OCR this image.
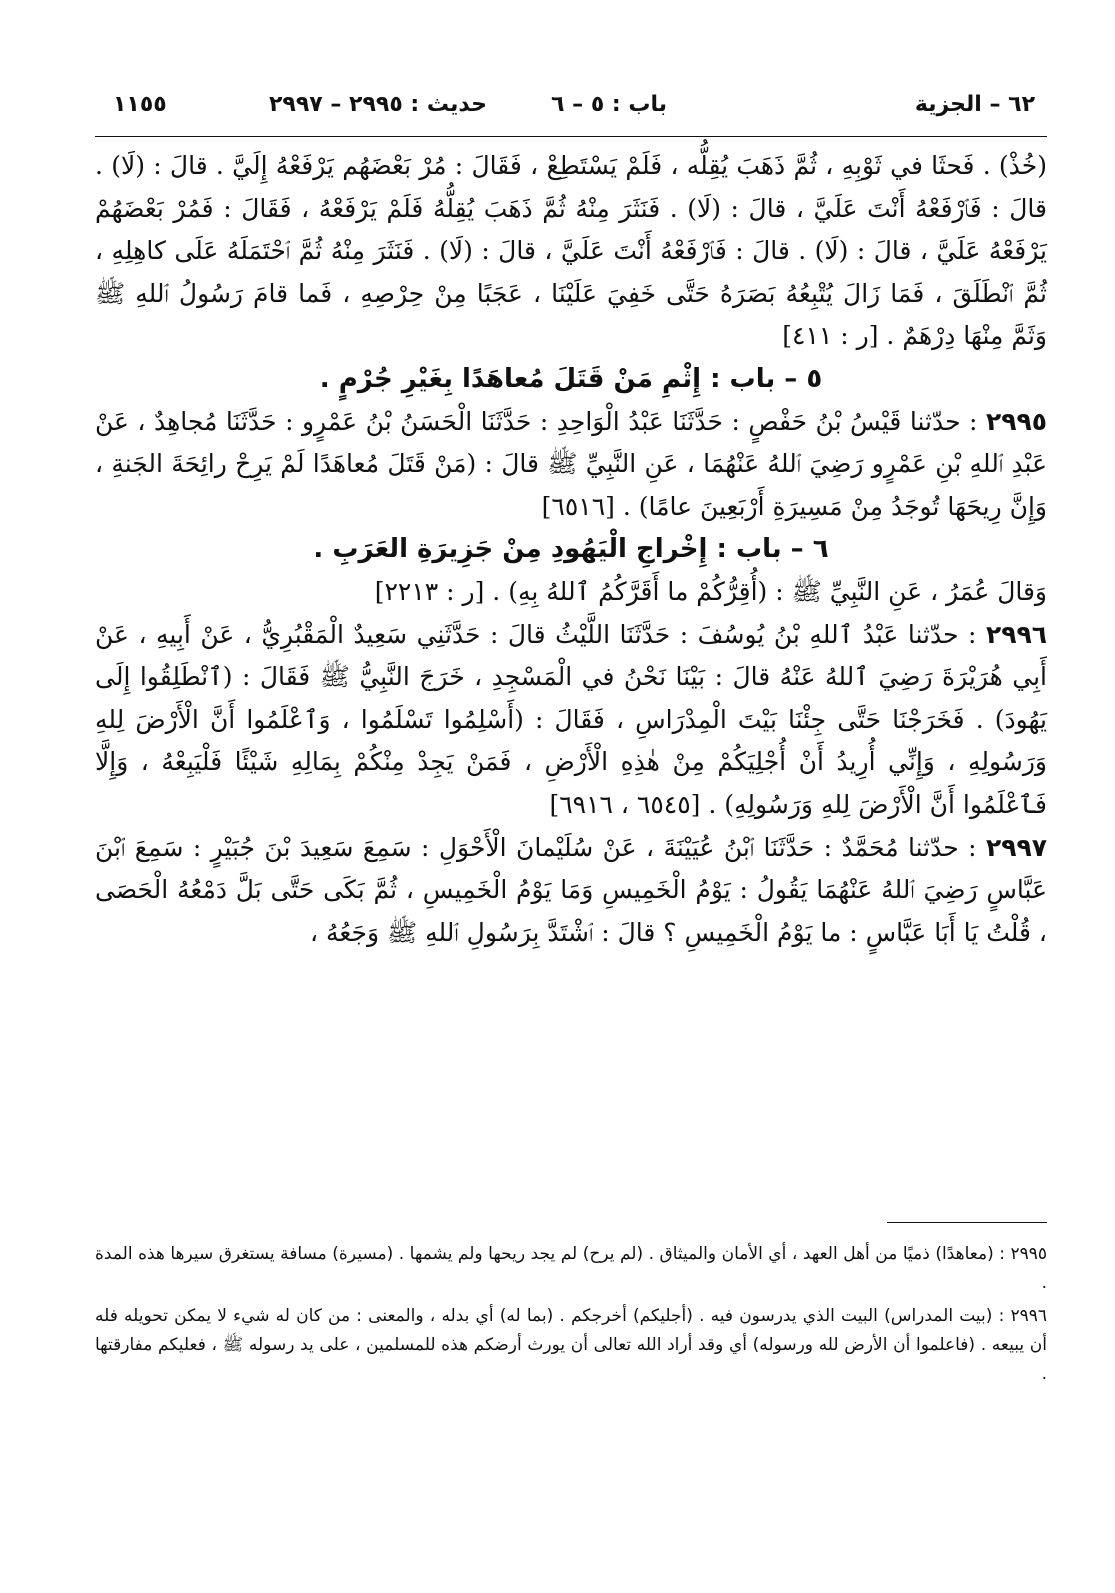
٦٢ – الجزية
باب : ٥ – ٦
حديث : ٢٩٩٥ – ٢٩٩٧
١١٥٥

(خُذْ) . فَحثَا في ثَوْبِهِ ، ثُمَّ ذَهَبَ يُقِلُّه ، فَلَمْ يَسْتَطِعْ ، فَقَالَ : مُرْ بَعْضَهُم يَرْفَعْهُ إِلَيَّ . قالَ : (لَا) . قالَ : فَٱرْفَعْهُ أَنْتَ عَلَيَّ ، قالَ : (لَا) . فَنَثَرَ مِنْهُ ثُمَّ ذَهَبَ يُقِلُّهُ فَلَمْ يَرْفَعْهُ ، فَقَالَ : فَمُرْ بَعْضَهُمْ يَرْفَعْهُ عَلَيَّ ، قالَ : (لَا) . قالَ : فَٱرْفَعْهُ أَنْتَ عَلَيَّ ، قالَ : (لَا) . فَنَثَرَ مِنْهُ ثُمَّ ٱحْتَمَلَهُ عَلَى كاهِلِهِ ، ثُمَّ ٱنْطَلَقَ ، فَمَا زَالَ يُتْبِعُهُ بَصَرَهُ حَتَّى خَفِيَ عَلَيْنَا ، عَجَبًا مِنْ حِرْصِهِ ، فَما قامَ رَسُولُ ٱللهِ ﷺ وَثَمَّ مِنْهَا دِرْهَمٌ . [ر : ٤١١]

٥ – باب : إِثْمِ مَنْ قَتَلَ مُعاهَدًا بِغَيْرِ جُرْمٍ .

٢٩٩٥ : حدّثنا قَيْسُ بْنُ حَفْصٍ : حَدَّثَنَا عَبْدُ الْوَاحِدِ : حَدَّثَنَا الْحَسَنُ بْنُ عَمْرٍو : حَدَّثَنَا مُجاهِدٌ ، عَنْ عَبْدِ ٱللهِ بْنِ عَمْرٍو رَضِيَ ٱللهُ عَنْهُمَا ، عَنِ النَّبِيِّ ﷺ قالَ : (مَنْ قَتَلَ مُعاهَدًا لَمْ يَرِحْ رائِحَةَ الجَنةِ ، وَإِنَّ رِيحَهَا تُوجَدُ مِنْ مَسِيرَةِ أَرْبَعِينَ عامًا) . [٦٥١٦]

٦ – باب : إِخْراجِ الْيَهُودِ مِنْ جَزِيرَةِ العَرَبِ .

وَقالَ عُمَرُ ، عَنِ النَّبِيِّ ﷺ : (أُقِرُّكُمْ ما أَقَرَّكُمُ ٱللهُ بِهِ) . [ر : ٢٢١٣]

٢٩٩٦ : حدّثنا عَبْدُ ٱللهِ بْنُ يُوسُفَ : حَدَّثَنَا اللَّيْثُ قالَ : حَدَّثَنِي سَعِيدٌ الْمَقْبُرِيُّ ، عَنْ أَبِيهِ ، عَنْ أَبِي هُرَيْرَةَ رَضِيَ ٱللهُ عَنْهُ قالَ : بَيْنَا نَحْنُ في الْمَسْجِدِ ، خَرَجَ النَّبِيُّ ﷺ فَقَالَ : (ٱنْطَلِقُوا إِلَى يَهُودَ) . فَخَرَجْنَا حَتَّى جِئْنَا بَيْتَ الْمِدْرَاسِ ، فَقَالَ : (أَسْلِمُوا تَسْلَمُوا ، وَٱعْلَمُوا أَنَّ الْأَرْضَ لِلهِ وَرَسُولِهِ ، وَإِنِّي أُرِيدُ أَنْ أُجْلِيَكُمْ مِنْ هٰذِهِ الْأَرْضِ ، فَمَنْ يَجِدْ مِنْكُمْ بِمَالِهِ شَيْئًا فَلْيَبِعْهُ ، وَإِلَّا فَٱعْلَمُوا أَنَّ الْأَرْضَ لِلهِ وَرَسُولِهِ) . [٦٥٤٥ ، ٦٩١٦]

٢٩٩٧ : حدّثنا مُحَمَّدٌ : حَدَّثَنَا ٱبْنُ عُيَيْنَةَ ، عَنْ سُلَيْمانَ الْأَحْوَلِ : سَمِعَ سَعِيدَ بْنَ جُبَيْرٍ : سَمِعَ ٱبْنَ عَبَّاسٍ رَضِيَ ٱللهُ عَنْهُمَا يَقُولُ : يَوْمُ الْخَمِيسِ وَمَا يَوْمُ الْخَمِيسِ ، ثُمَّ بَكَى حَتَّى بَلَّ دَمْعُهُ الْحَصَى ، قُلْتُ يَا أَبَا عَبَّاسٍ : ما يَوْمُ الْخَمِيسِ ؟ قالَ : ٱشْتَدَّ بِرَسُولِ ٱللهِ ﷺ وَجَعُهُ ،

٢٩٩٥ : (معاهدًا) ذميًا من أهل العهد ، أي الأمان والميثاق . (لم يرح) لم يجد ريحها ولم يشمها . (مسيرة) مسافة يستغرق سيرها هذه المدة .

٢٩٩٦ : (بيت المدراس) البيت الذي يدرسون فيه . (أجليكم) أخرجكم . (بما له) أي بدله ، والمعنى : من كان له شيء لا يمكن تحويله فله أن يبيعه . (فاعلموا أن الأرض لله ورسوله) أي وقد أراد الله تعالى أن يورث أرضكم هذه للمسلمين ، على يد رسوله ﷺ ، فعليكم مفارقتها .
